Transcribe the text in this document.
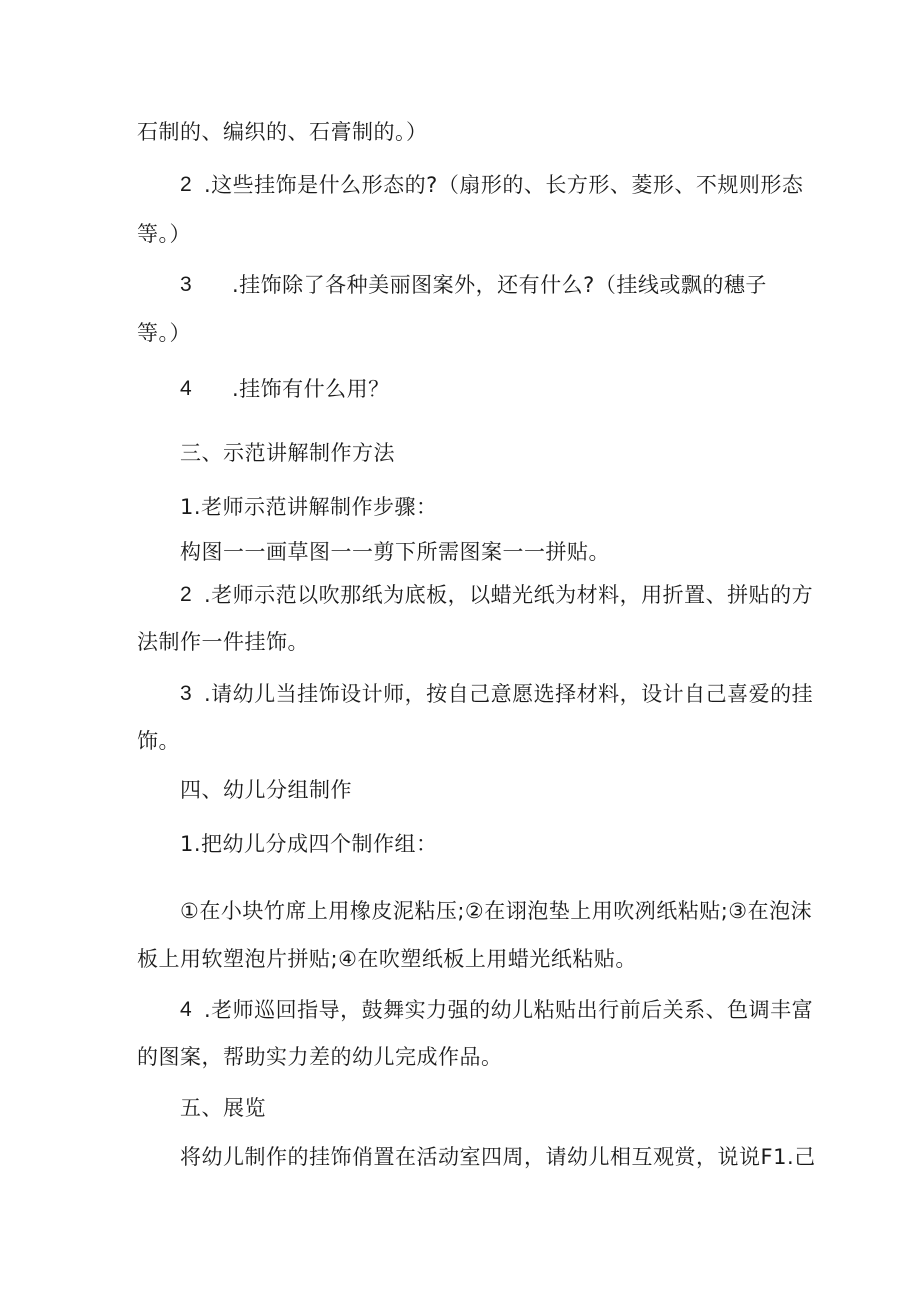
石制的、编织的、石膏制的。）
2 .这些挂饰是什么形态的?（扇形的、长方形、菱形、不规则形态
等。）
3 .挂饰除了各种美丽图案外，还有什么?（挂线或飘的穗子
等。）
4 .挂饰有什么用？
三、示范讲解制作方法
1.老师示范讲解制作步骤：
构图一一画草图一一剪下所需图案一一拼贴。
2 .老师示范以吹那纸为底板，以蜡光纸为材料，用折置、拼贴的方
法制作一件挂饰。
3 .请幼儿当挂饰设计师，按自己意愿选择材料，设计自己喜爱的挂
饰。
四、幼儿分组制作
1.把幼儿分成四个制作组：
①在小块竹席上用橡皮泥粘压;②在诩泡垫上用吹冽纸粘贴;③在泡沫
板上用软塑泡片拼贴;④在吹塑纸板上用蜡光纸粘贴。
4 .老师巡回指导，鼓舞实力强的幼儿粘贴出行前后关系、色调丰富
的图案，帮助实力差的幼儿完成作品。
五、展览
将幼儿制作的挂饰俏置在活动室四周，请幼儿相互观赏，说说F1.己
